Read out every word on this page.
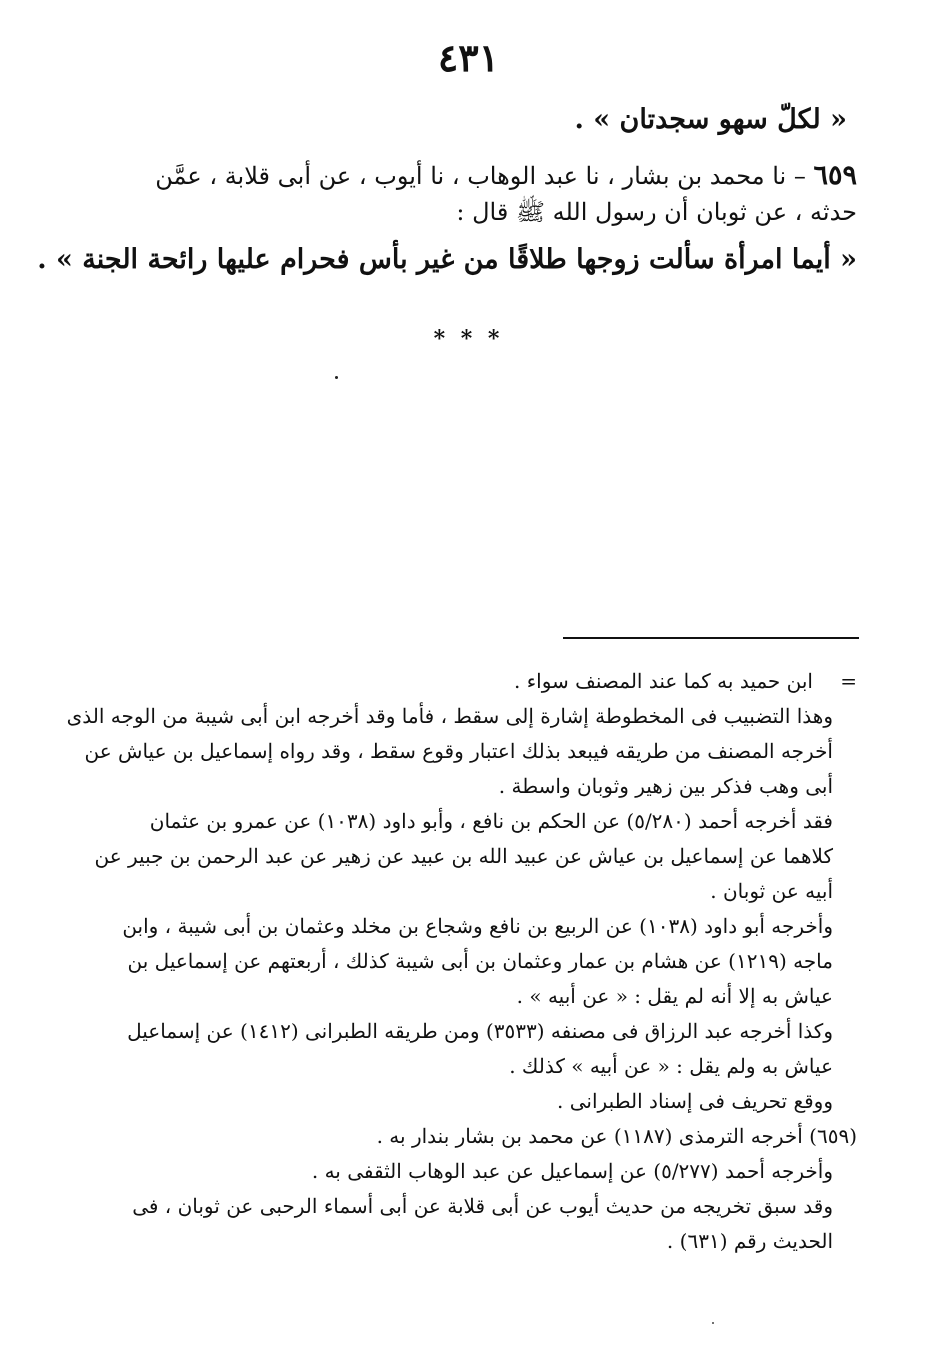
٤٣١
« لكلّ سهو سجدتان » .
٦٥٩ – نا محمد بن بشار ، نا عبد الوهاب ، نا أيوب ، عن أبى قلابة ، عمَّن
حدثه ، عن ثوبان أن رسول الله ﷺ قال :
« أيما امرأة سألت زوجها طلاقًا من غير بأس فحرام عليها رائحة الجنة » .
* * *
=
ابن حميد به كما عند المصنف سواء .
وهذا التضبيب فى المخطوطة إشارة إلى سقط ، فأما وقد أخرجه ابن أبى شيبة من الوجه الذى
أخرجه المصنف من طريقه فيبعد بذلك اعتبار وقوع سقط ، وقد رواه إسماعيل بن عياش عن
أبى وهب فذكر بين زهير وثوبان واسطة .
فقد أخرجه أحمد (٥/٢٨٠) عن الحكم بن نافع ، وأبو داود (١٠٣٨) عن عمرو بن عثمان
كلاهما عن إسماعيل بن عياش عن عبيد الله بن عبيد عن زهير عن عبد الرحمن بن جبير عن
أبيه عن ثوبان .
وأخرجه أبو داود (١٠٣٨) عن الربيع بن نافع وشجاع بن مخلد وعثمان بن أبى شيبة ، وابن
ماجه (١٢١٩) عن هشام بن عمار وعثمان بن أبى شيبة كذلك ، أربعتهم عن إسماعيل بن
عياش به إلا أنه لم يقل : « عن أبيه » .
وكذا أخرجه عبد الرزاق فى مصنفه (٣٥٣٣) ومن طريقه الطبرانى (١٤١٢) عن إسماعيل
عياش به ولم يقل : « عن أبيه » كذلك .
ووقع تحريف فى إسناد الطبرانى .
(٦٥٩) أخرجه الترمذى (١١٨٧) عن محمد بن بشار بندار به .
وأخرجه أحمد (٥/٢٧٧) عن إسماعيل عن عبد الوهاب الثقفى به .
وقد سبق تخريجه من حديث أيوب عن أبى قلابة عن أبى أسماء الرحبى عن ثوبان ، فى
الحديث رقم (٦٣١) .
